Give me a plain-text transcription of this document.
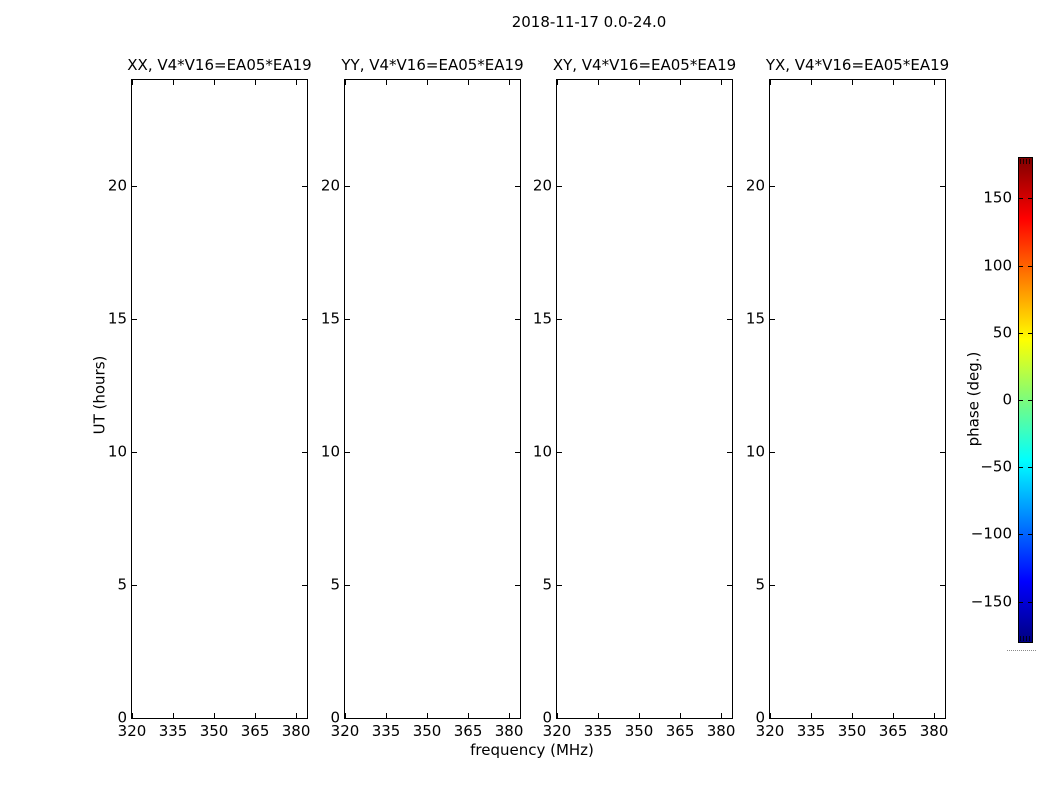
2018-11-17 0.0-24.0
XX, V4*V16=EA05*EA19
320 335 350 365 380
0
5
10
15
20
YY, V4*V16=EA05*EA19
320 335 350 365 380
0
5
10
15
20
XY, V4*V16=EA05*EA19
320 335 350 365 380
0
5
10
15
20
YX, V4*V16=EA05*EA19
320 335 350 365 380
0
5
10
15
20
frequency (MHz)
UT (hours)
150
100
50
0
−50
−100
−150
phase (deg.)
